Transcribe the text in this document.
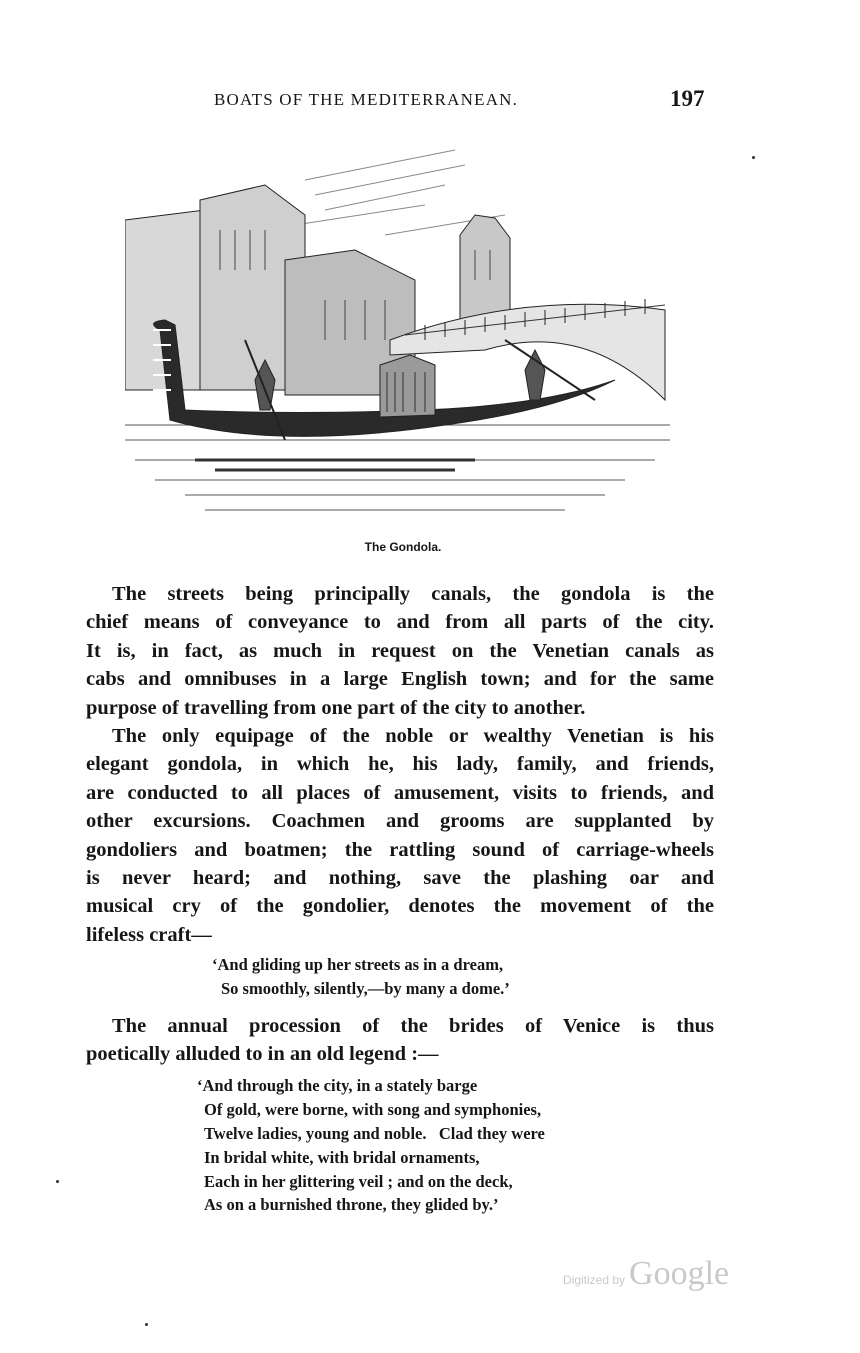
BOATS OF THE MEDITERRANEAN.	197
The Gondola.
The streets being principally canals, the gondola is the
chief means of conveyance to and from all parts of the city.
It is, in fact, as much in request on the Venetian canals as
cabs and omnibuses in a large English town; and for the same
purpose of travelling from one part of the city to another.
The only equipage of the noble or wealthy Venetian is his
elegant gondola, in which he, his lady, family, and friends,
are conducted to all places of amusement, visits to friends, and
other excursions. Coachmen and grooms are supplanted by
gondoliers and boatmen; the rattling sound of carriage-wheels
is never heard; and nothing, save the plashing oar and
musical cry of the gondolier, denotes the movement of the
lifeless craft—
‘And gliding up her streets as in a dream,
So smoothly, silently,—by many a dome.’
The annual procession of the brides of Venice is thus
poetically alluded to in an old legend :—
‘And through the city, in a stately barge
Of gold, were borne, with song and symphonies,
Twelve ladies, young and noble.   Clad they were
In bridal white, with bridal ornaments,
Each in her glittering veil ; and on the deck,
As on a burnished throne, they glided by.’
Digitized by Google
